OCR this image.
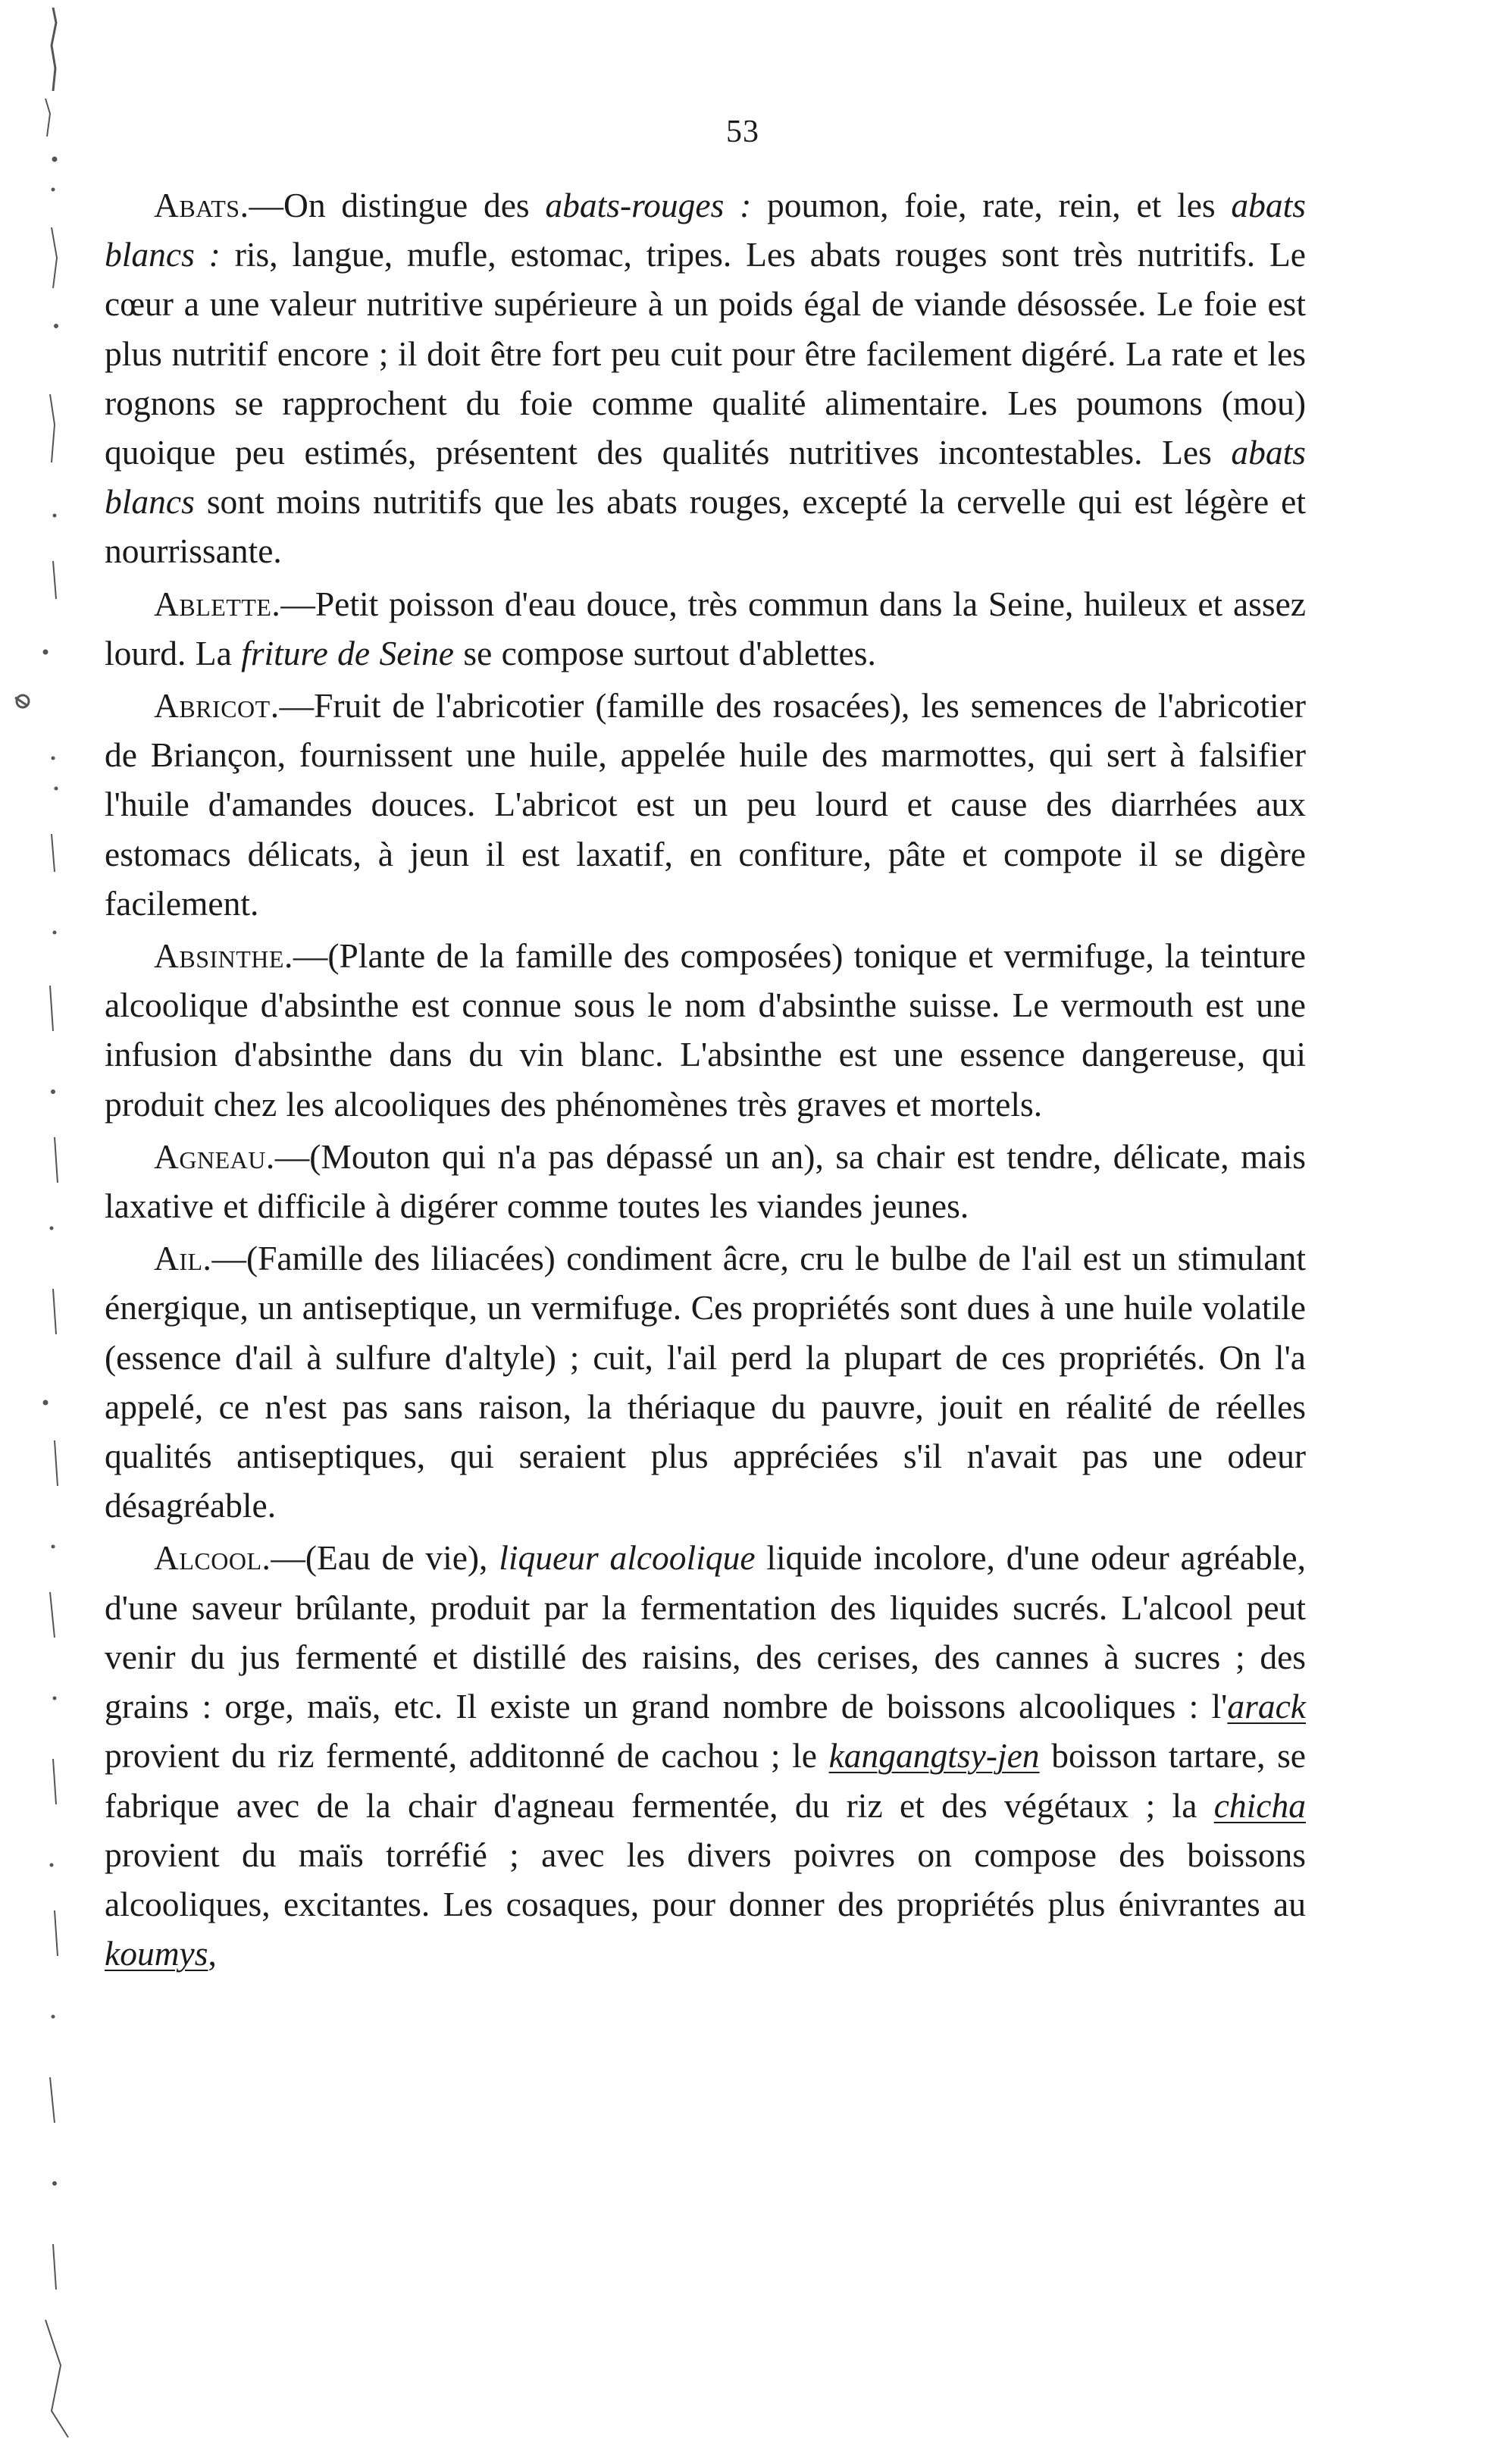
53

Abats.—On distingue des abats-rouges : poumon, foie, rate, rein, et les abats blancs : ris, langue, mufle, estomac, tripes. Les abats rouges sont très nutritifs. Le cœur a une valeur nutritive supérieure à un poids égal de viande désossée. Le foie est plus nutritif encore ; il doit être fort peu cuit pour être facilement digéré. La rate et les rognons se rapprochent du foie comme qualité alimentaire. Les poumons (mou) quoique peu estimés, présentent des qualités nutritives incontestables. Les abats blancs sont moins nutritifs que les abats rouges, excepté la cervelle qui est légère et nourrissante.

Ablette.—Petit poisson d'eau douce, très commun dans la Seine, huileux et assez lourd. La friture de Seine se compose surtout d'ablettes.

Abricot.—Fruit de l'abricotier (famille des rosacées), les semences de l'abricotier de Briançon, fournissent une huile, appelée huile des marmottes, qui sert à falsifier l'huile d'amandes douces. L'abricot est un peu lourd et cause des diarrhées aux estomacs délicats, à jeun il est laxatif, en confiture, pâte et compote il se digère facilement.

Absinthe.—(Plante de la famille des composées) tonique et vermifuge, la teinture alcoolique d'absinthe est connue sous le nom d'absinthe suisse. Le vermouth est une infusion d'absinthe dans du vin blanc. L'absinthe est une essence dangereuse, qui produit chez les alcooliques des phénomènes très graves et mortels.

Agneau.—(Mouton qui n'a pas dépassé un an), sa chair est tendre, délicate, mais laxative et difficile à digérer comme toutes les viandes jeunes.

Ail.—(Famille des liliacées) condiment âcre, cru le bulbe de l'ail est un stimulant énergique, un antiseptique, un vermifuge. Ces propriétés sont dues à une huile volatile (essence d'ail à sulfure d'altyle) ; cuit, l'ail perd la plupart de ces propriétés. On l'a appelé, ce n'est pas sans raison, la thériaque du pauvre, jouit en réalité de réelles qualités antiseptiques, qui seraient plus appréciées s'il n'avait pas une odeur désagréable.

Alcool.—(Eau de vie), liqueur alcoolique liquide incolore, d'une odeur agréable, d'une saveur brûlante, produit par la fermentation des liquides sucrés. L'alcool peut venir du jus fermenté et distillé des raisins, des cerises, des cannes à sucres ; des grains : orge, maïs, etc. Il existe un grand nombre de boissons alcooliques : l'arack provient du riz fermenté, additonné de cachou ; le kangangtsy-jen boisson tartare, se fabrique avec de la chair d'agneau fermentée, du riz et des végétaux ; la chicha provient du maïs torréfié ; avec les divers poivres on compose des boissons alcooliques, excitantes. Les cosaques, pour donner des propriétés plus énivrantes au koumys,
